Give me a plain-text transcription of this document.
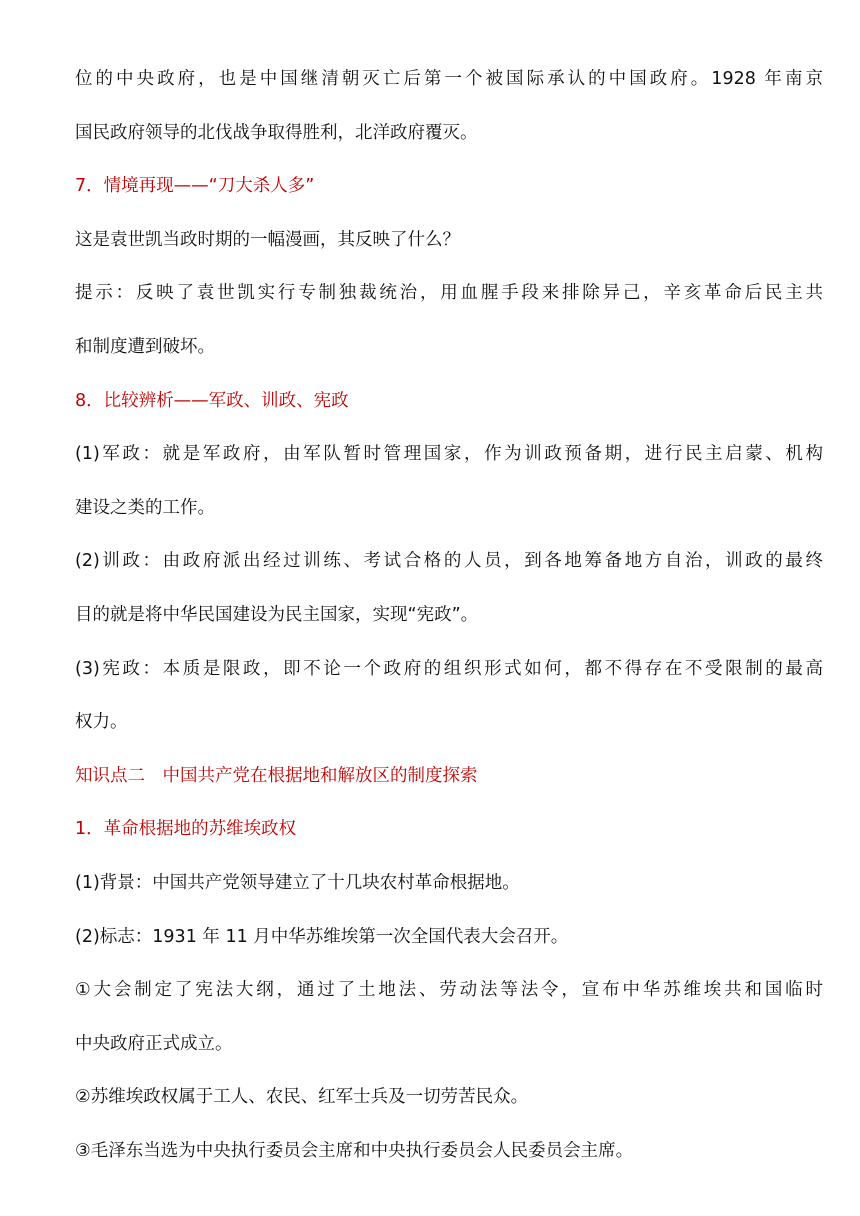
位的中央政府，也是中国继清朝灭亡后第一个被国际承认的中国政府。1928 年南京
国民政府领导的北伐战争取得胜利，北洋政府覆灭。
7．情境再现——“刀大杀人多”
这是袁世凯当政时期的一幅漫画，其反映了什么？
提示：反映了袁世凯实行专制独裁统治，用血腥手段来排除异己，辛亥革命后民主共
和制度遭到破坏。
8．比较辨析——军政、训政、宪政
(1)军政：就是军政府，由军队暂时管理国家，作为训政预备期，进行民主启蒙、机构
建设之类的工作。
(2)训政：由政府派出经过训练、考试合格的人员，到各地筹备地方自治，训政的最终
目的就是将中华民国建设为民主国家，实现“宪政”。
(3)宪政：本质是限政，即不论一个政府的组织形式如何，都不得存在不受限制的最高
权力。
知识点二　中国共产党在根据地和解放区的制度探索
1．革命根据地的苏维埃政权
(1)背景：中国共产党领导建立了十几块农村革命根据地。
(2)标志：1931 年 11 月中华苏维埃第一次全国代表大会召开。
①大会制定了宪法大纲，通过了土地法、劳动法等法令，宣布中华苏维埃共和国临时
中央政府正式成立。
②苏维埃政权属于工人、农民、红军士兵及一切劳苦民众。
③毛泽东当选为中央执行委员会主席和中央执行委员会人民委员会主席。
